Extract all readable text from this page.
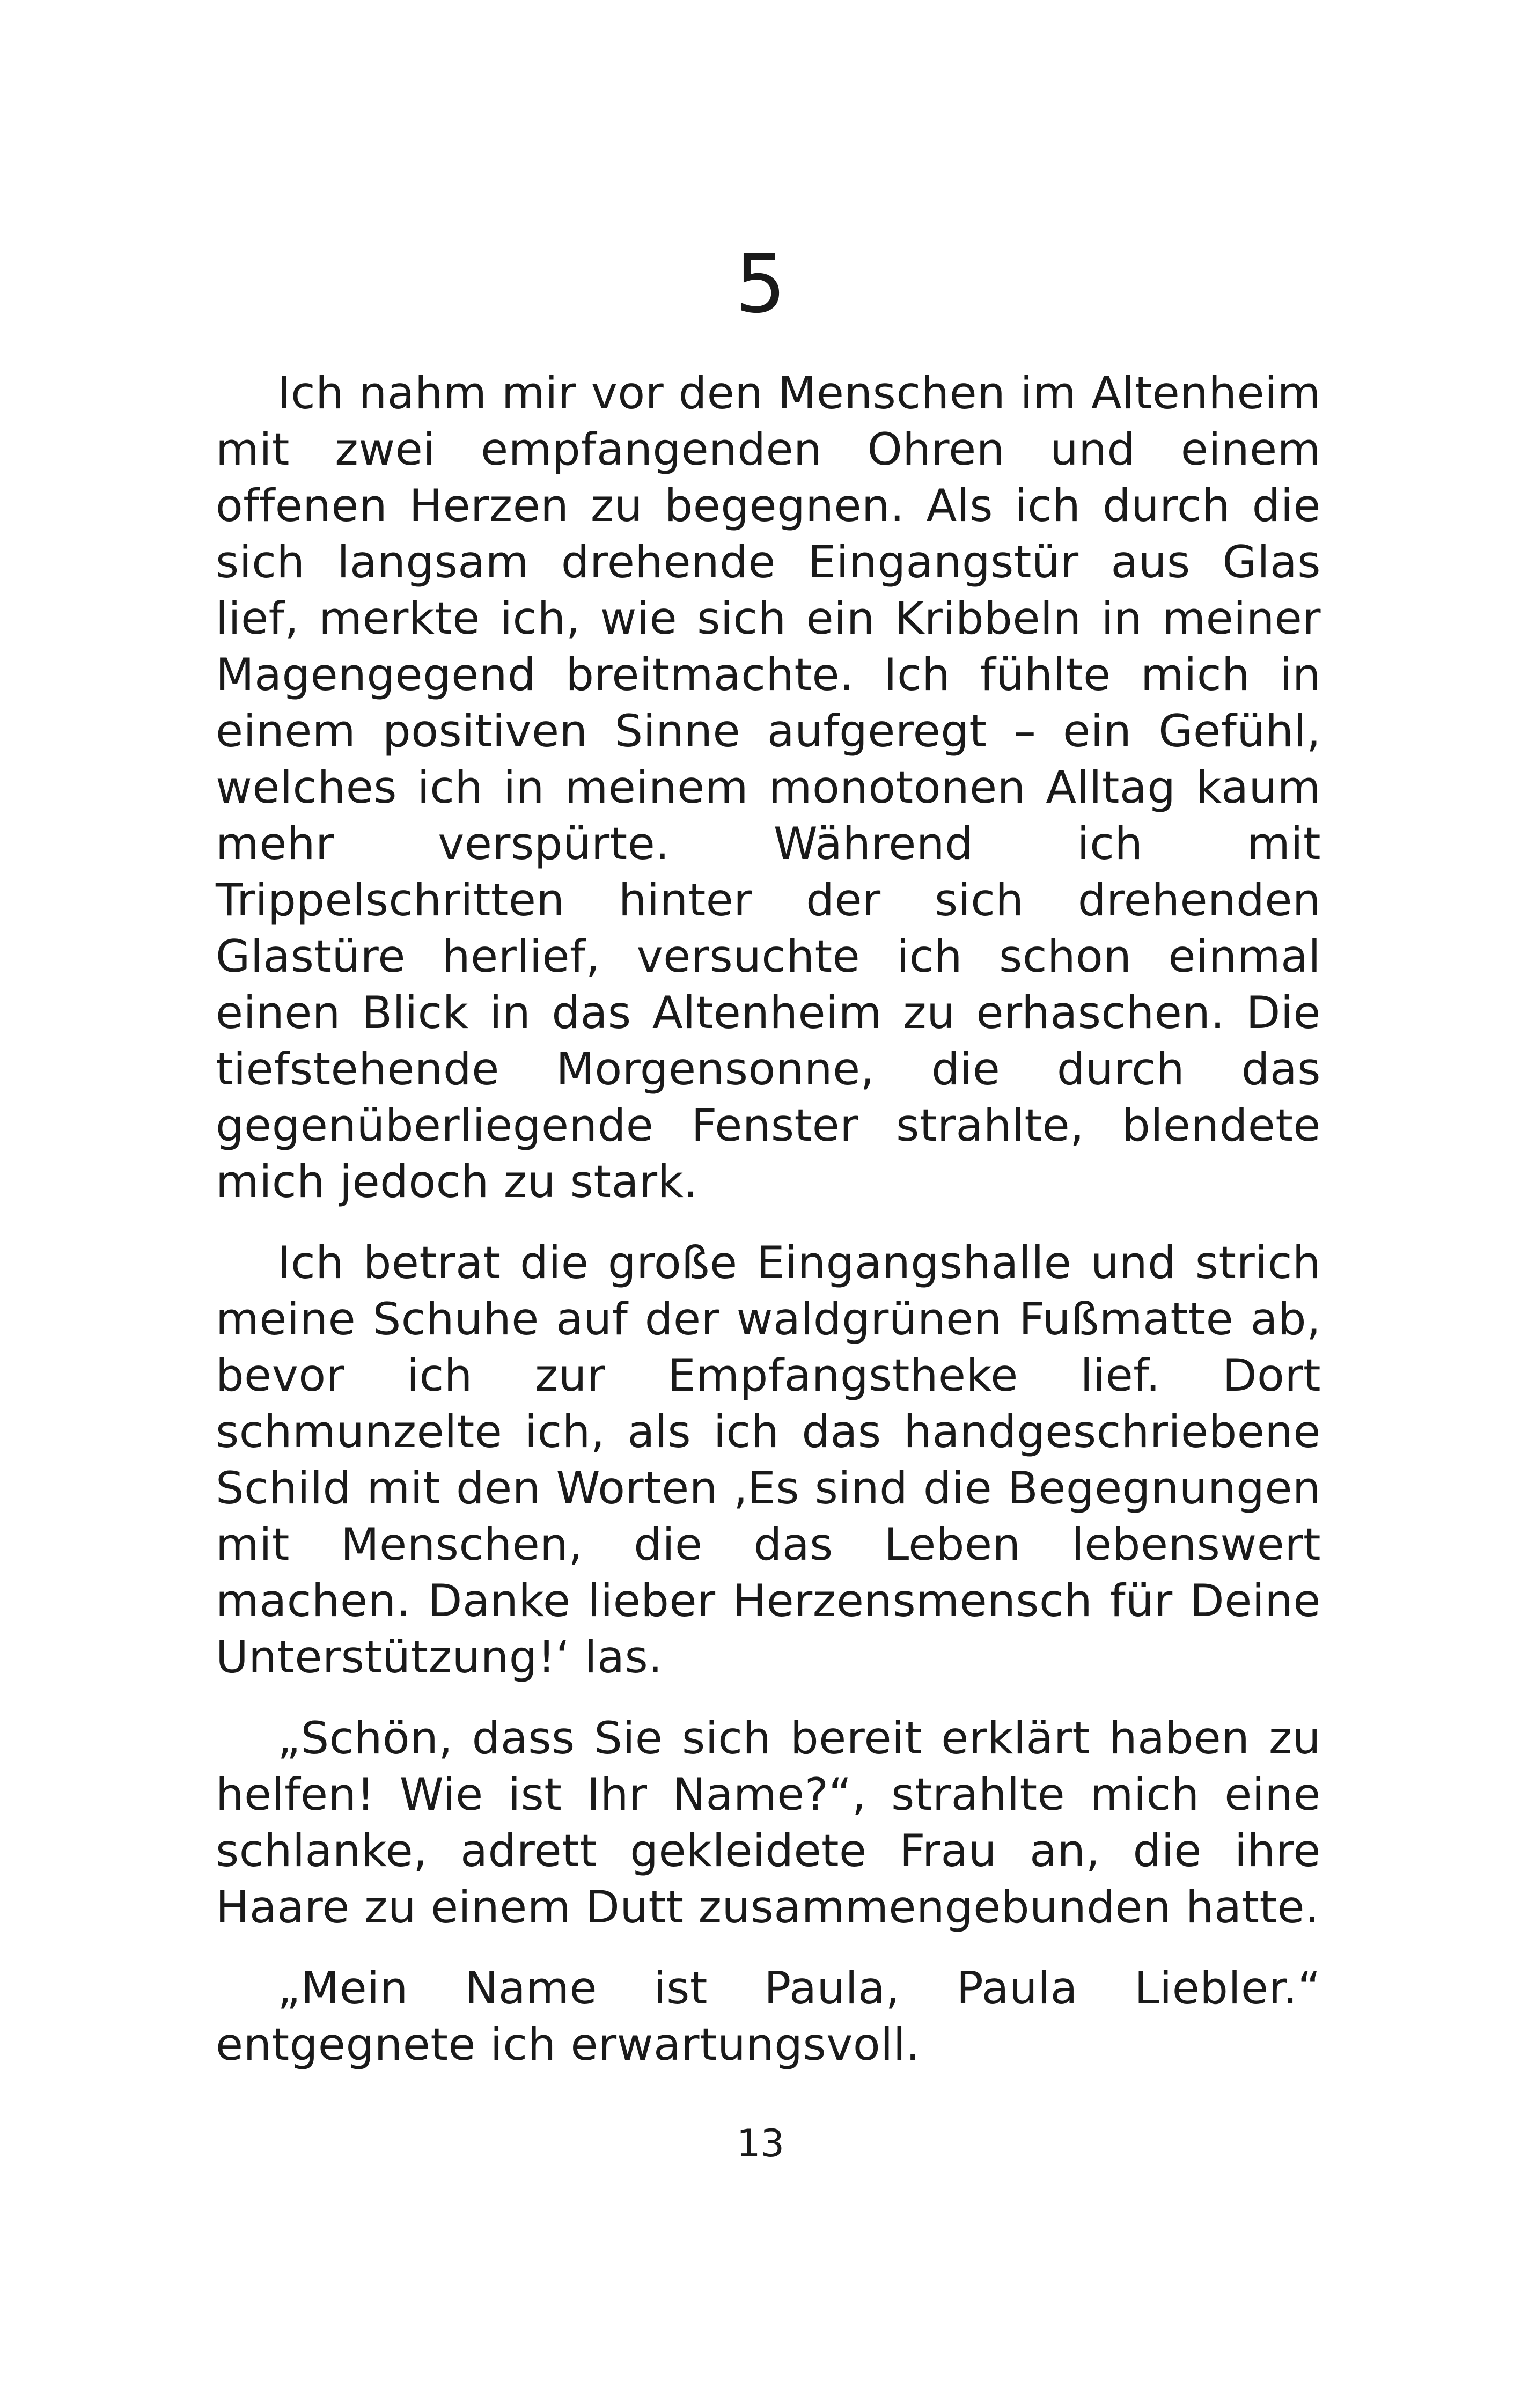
5

Ich nahm mir vor den Menschen im Altenheim mit zwei empfangenden Ohren und einem offenen Herzen zu begegnen. Als ich durch die sich langsam drehende Eingangstür aus Glas lief, merkte ich, wie sich ein Kribbeln in meiner Magengegend breitmachte. Ich fühlte mich in einem positiven Sinne aufgeregt – ein Gefühl, welches ich in meinem monotonen Alltag kaum mehr verspürte. Während ich mit Trippelschritten hinter der sich drehenden Glastüre herlief, versuchte ich schon einmal einen Blick in das Altenheim zu erhaschen. Die tiefstehende Morgensonne, die durch das gegenüberliegende Fenster strahlte, blendete mich jedoch zu stark.

Ich betrat die große Eingangshalle und strich meine Schuhe auf der waldgrünen Fußmatte ab, bevor ich zur Empfangstheke lief. Dort schmunzelte ich, als ich das handgeschriebene Schild mit den Worten ‚Es sind die Begegnungen mit Menschen, die das Leben lebenswert machen. Danke lieber Herzensmensch für Deine Unterstützung!‘ las.

„Schön, dass Sie sich bereit erklärt haben zu helfen! Wie ist Ihr Name?“, strahlte mich eine schlanke, adrett gekleidete Frau an, die ihre Haare zu einem Dutt zusammengebunden hatte.

„Mein Name ist Paula, Paula Liebler.“ entgegnete ich erwartungsvoll.

13
